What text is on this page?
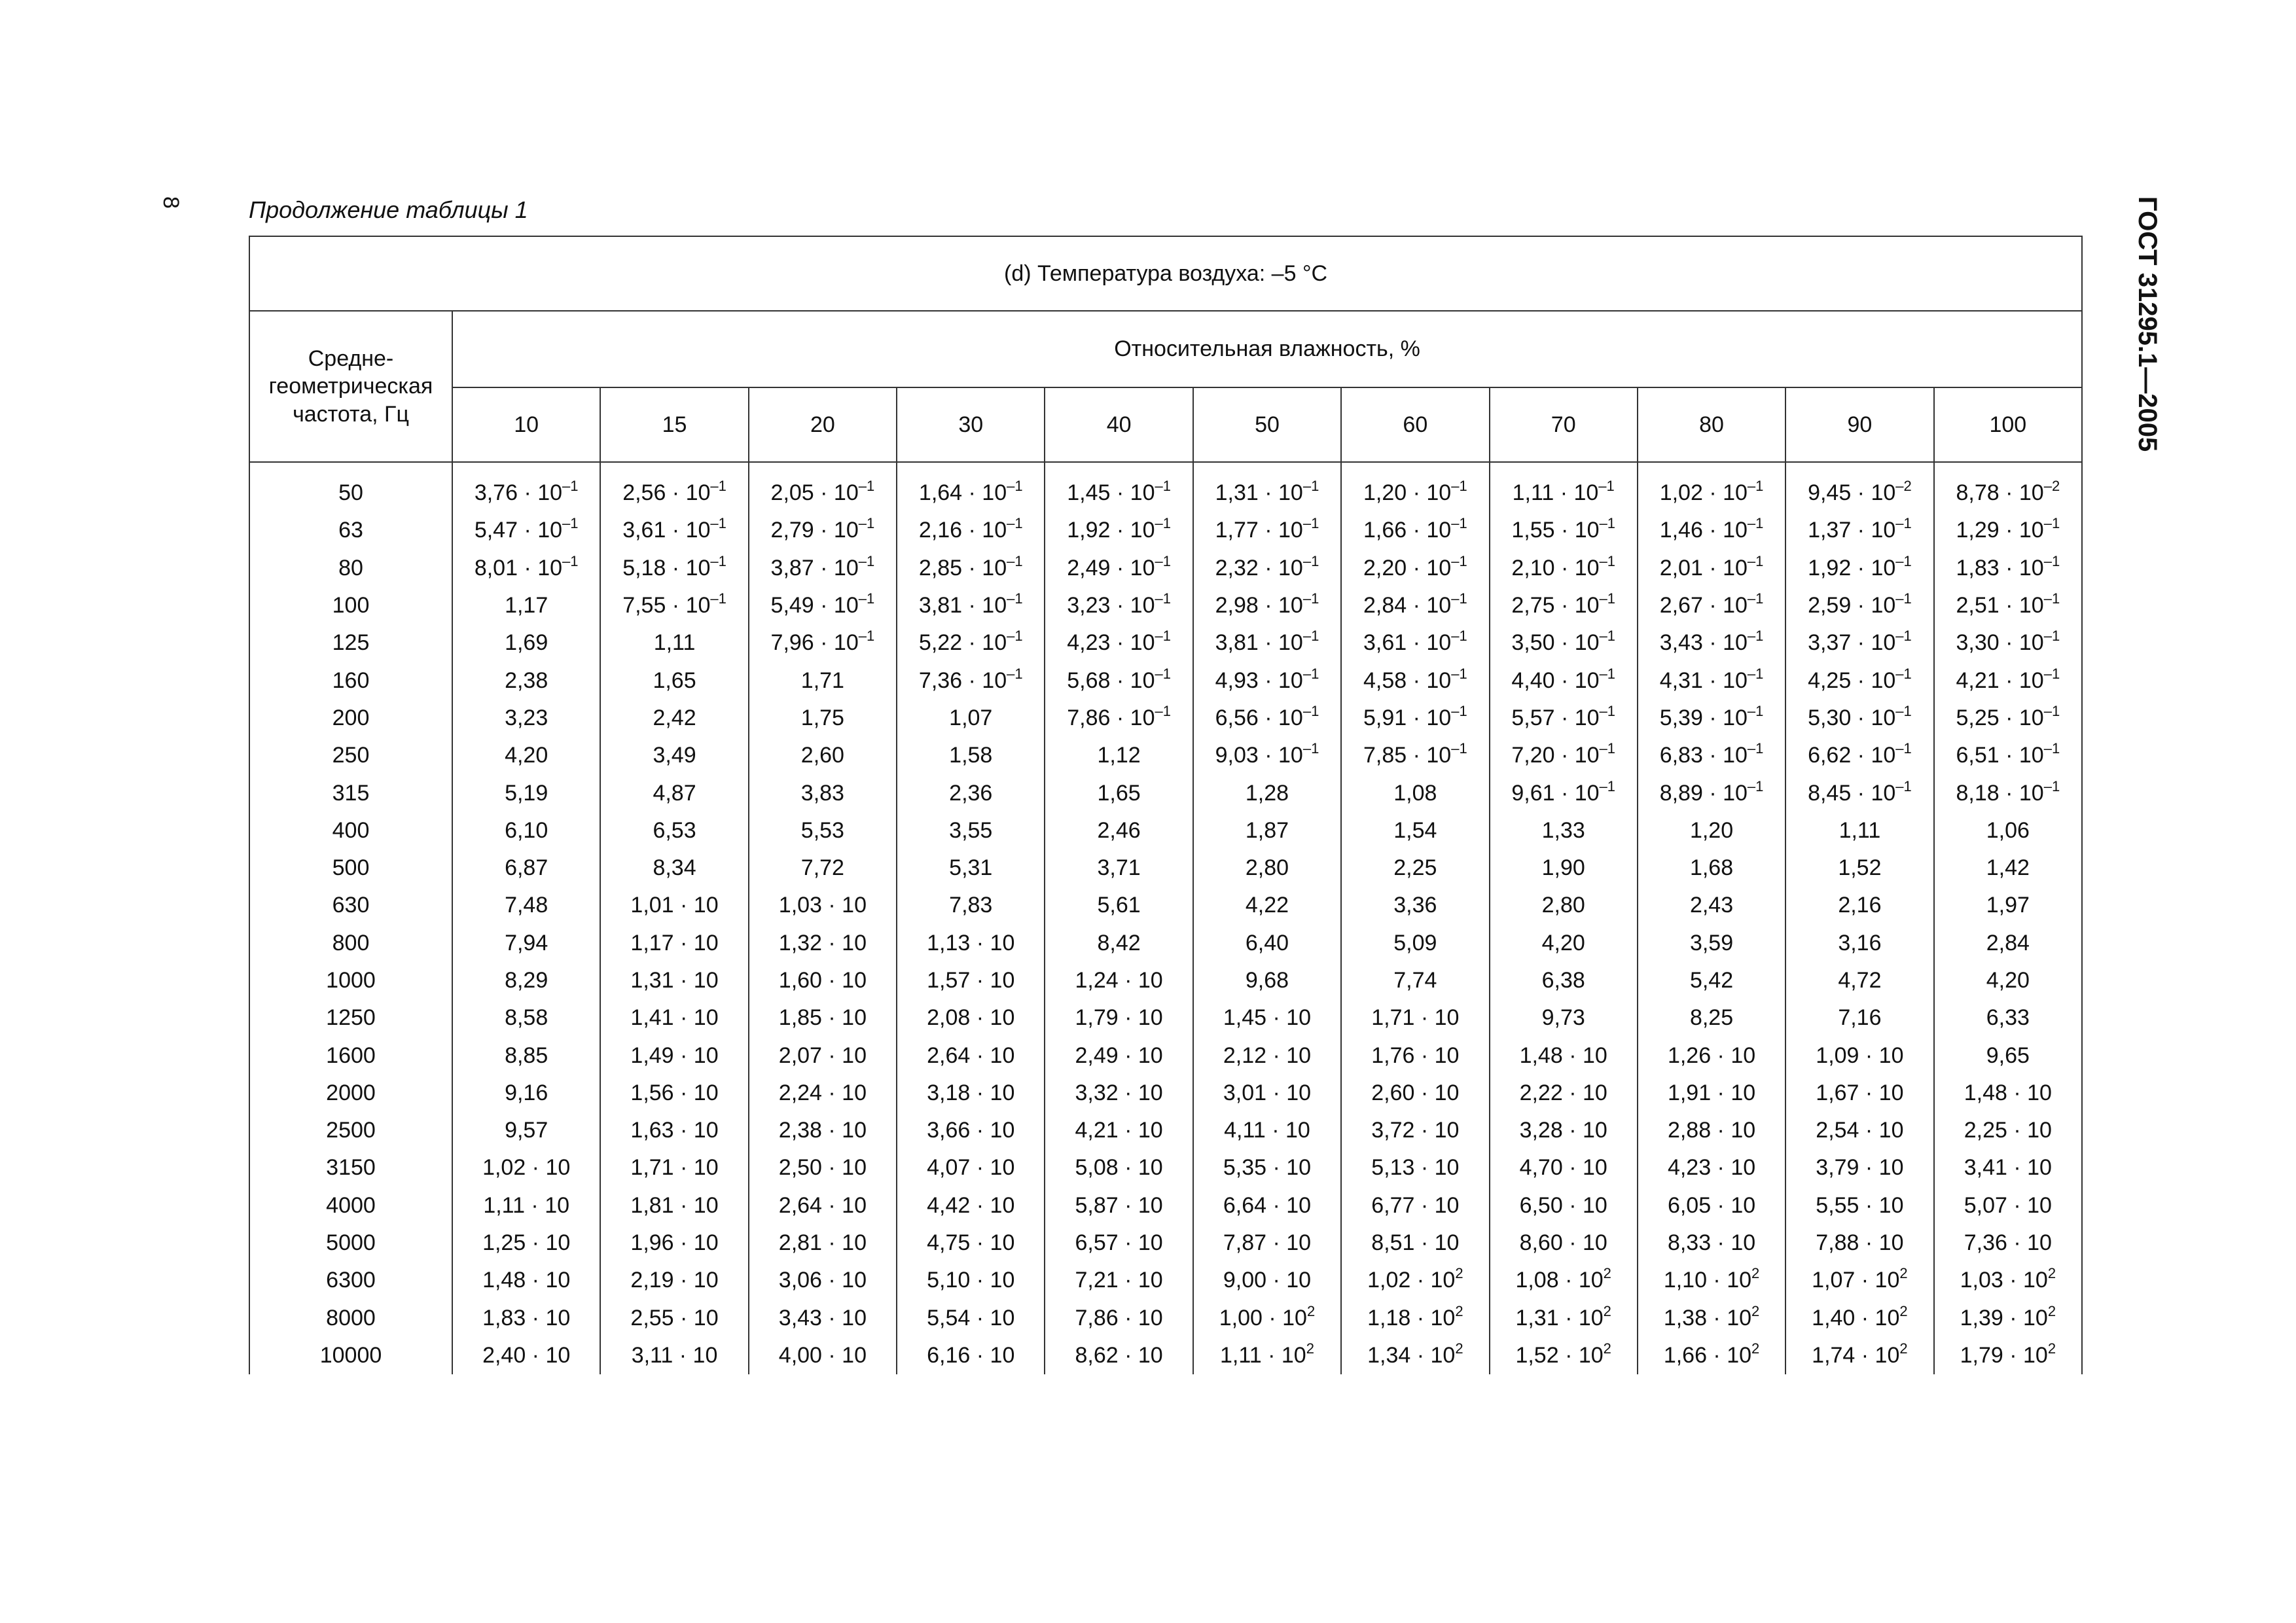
8	Продолжение таблицы 1	ГОСТ 31295.1—2005
(d) Температура воздуха: –5 °С											
Средне-
геометрическая
частота, Гц	Относительная влажность, %										
	10	15	20	30	40	50	60	70	80	90	100

50	$3,76 \cdot 10^{-1}$	$2,56 \cdot 10^{-1}$	$2,05 \cdot 10^{-1}$	$1,64 \cdot 10^{-1}$	$1,45 \cdot 10^{-1}$	$1,31 \cdot 10^{-1}$	$1,20 \cdot 10^{-1}$	$1,11 \cdot 10^{-1}$	$1,02 \cdot 10^{-1}$	$9,45 \cdot 10^{-2}$	$8,78 \cdot 10^{-2}$
63	$5,47 \cdot 10^{-1}$	$3,61 \cdot 10^{-1}$	$2,79 \cdot 10^{-1}$	$2,16 \cdot 10^{-1}$	$1,92 \cdot 10^{-1}$	$1,77 \cdot 10^{-1}$	$1,66 \cdot 10^{-1}$	$1,55 \cdot 10^{-1}$	$1,46 \cdot 10^{-1}$	$1,37 \cdot 10^{-1}$	$1,29 \cdot 10^{-1}$
80	$8,01 \cdot 10^{-1}$	$5,18 \cdot 10^{-1}$	$3,87 \cdot 10^{-1}$	$2,85 \cdot 10^{-1}$	$2,49 \cdot 10^{-1}$	$2,32 \cdot 10^{-1}$	$2,20 \cdot 10^{-1}$	$2,10 \cdot 10^{-1}$	$2,01 \cdot 10^{-1}$	$1,92 \cdot 10^{-1}$	$1,83 \cdot 10^{-1}$
100	1,17	$7,55 \cdot 10^{-1}$	$5,49 \cdot 10^{-1}$	$3,81 \cdot 10^{-1}$	$3,23 \cdot 10^{-1}$	$2,98 \cdot 10^{-1}$	$2,84 \cdot 10^{-1}$	$2,75 \cdot 10^{-1}$	$2,67 \cdot 10^{-1}$	$2,59 \cdot 10^{-1}$	$2,51 \cdot 10^{-1}$
125	1,69	1,11	$7,96 \cdot 10^{-1}$	$5,22 \cdot 10^{-1}$	$4,23 \cdot 10^{-1}$	$3,81 \cdot 10^{-1}$	$3,61 \cdot 10^{-1}$	$3,50 \cdot 10^{-1}$	$3,43 \cdot 10^{-1}$	$3,37 \cdot 10^{-1}$	$3,30 \cdot 10^{-1}$
160	2,38	1,65	1,71	$7,36 \cdot 10^{-1}$	$5,68 \cdot 10^{-1}$	$4,93 \cdot 10^{-1}$	$4,58 \cdot 10^{-1}$	$4,40 \cdot 10^{-1}$	$4,31 \cdot 10^{-1}$	$4,25 \cdot 10^{-1}$	$4,21 \cdot 10^{-1}$
200	3,23	2,42	1,75	1,07	$7,86 \cdot 10^{-1}$	$6,56 \cdot 10^{-1}$	$5,91 \cdot 10^{-1}$	$5,57 \cdot 10^{-1}$	$5,39 \cdot 10^{-1}$	$5,30 \cdot 10^{-1}$	$5,25 \cdot 10^{-1}$
250	4,20	3,49	2,60	1,58	1,12	$9,03 \cdot 10^{-1}$	$7,85 \cdot 10^{-1}$	$7,20 \cdot 10^{-1}$	$6,83 \cdot 10^{-1}$	$6,62 \cdot 10^{-1}$	$6,51 \cdot 10^{-1}$
315	5,19	4,87	3,83	2,36	1,65	1,28	1,08	$9,61 \cdot 10^{-1}$	$8,89 \cdot 10^{-1}$	$8,45 \cdot 10^{-1}$	$8,18 \cdot 10^{-1}$
400	6,10	6,53	5,53	3,55	2,46	1,87	1,54	1,33	1,20	1,11	1,06
500	6,87	8,34	7,72	5,31	3,71	2,80	2,25	1,90	1,68	1,52	1,42
630	7,48	1,01 · 10	1,03 · 10	7,83	5,61	4,22	3,36	2,80	2,43	2,16	1,97
800	7,94	1,17 · 10	1,32 · 10	1,13 · 10	8,42	6,40	5,09	4,20	3,59	3,16	2,84
1000	8,29	1,31 · 10	1,60 · 10	1,57 · 10	1,24 · 10	9,68	7,74	6,38	5,42	4,72	4,20
1250	8,58	1,41 · 10	1,85 · 10	2,08 · 10	1,79 · 10	1,45 · 10	1,71 · 10	9,73	8,25	7,16	6,33
1600	8,85	1,49 · 10	2,07 · 10	2,64 · 10	2,49 · 10	2,12 · 10	1,76 · 10	1,48 · 10	1,26 · 10	1,09 · 10	9,65
2000	9,16	1,56 · 10	2,24 · 10	3,18 · 10	3,32 · 10	3,01 · 10	2,60 · 10	2,22 · 10	1,91 · 10	1,67 · 10	1,48 · 10
2500	9,57	1,63 · 10	2,38 · 10	3,66 · 10	4,21 · 10	4,11 · 10	3,72 · 10	3,28 · 10	2,88 · 10	2,54 · 10	2,25 · 10
3150	1,02 · 10	1,71 · 10	2,50 · 10	4,07 · 10	5,08 · 10	5,35 · 10	5,13 · 10	4,70 · 10	4,23 · 10	3,79 · 10	3,41 · 10
4000	1,11 · 10	1,81 · 10	2,64 · 10	4,42 · 10	5,87 · 10	6,64 · 10	6,77 · 10	6,50 · 10	6,05 · 10	5,55 · 10	5,07 · 10
5000	1,25 · 10	1,96 · 10	2,81 · 10	4,75 · 10	6,57 · 10	7,87 · 10	8,51 · 10	8,60 · 10	8,33 · 10	7,88 · 10	7,36 · 10
6300	1,48 · 10	2,19 · 10	3,06 · 10	5,10 · 10	7,21 · 10	9,00 · 10	$1,02 \cdot 10^2$	$1,08 \cdot 10^2$	$1,10 \cdot 10^2$	$1,07 \cdot 10^2$	$1,03 \cdot 10^2$
8000	1,83 · 10	2,55 · 10	3,43 · 10	5,54 · 10	7,86 · 10	$1,00 \cdot 10^2$	$1,18 \cdot 10^2$	$1,31 \cdot 10^2$	$1,38 \cdot 10^2$	$1,40 \cdot 10^2$	$1,39 \cdot 10^2$
10000	2,40 · 10	3,11 · 10	4,00 · 10	6,16 · 10	8,62 · 10	$1,11 \cdot 10^2$	$1,34 \cdot 10^2$	$1,52 \cdot 10^2$	$1,66 \cdot 10^2$	$1,74 \cdot 10^2$	$1,79 \cdot 10^2$
